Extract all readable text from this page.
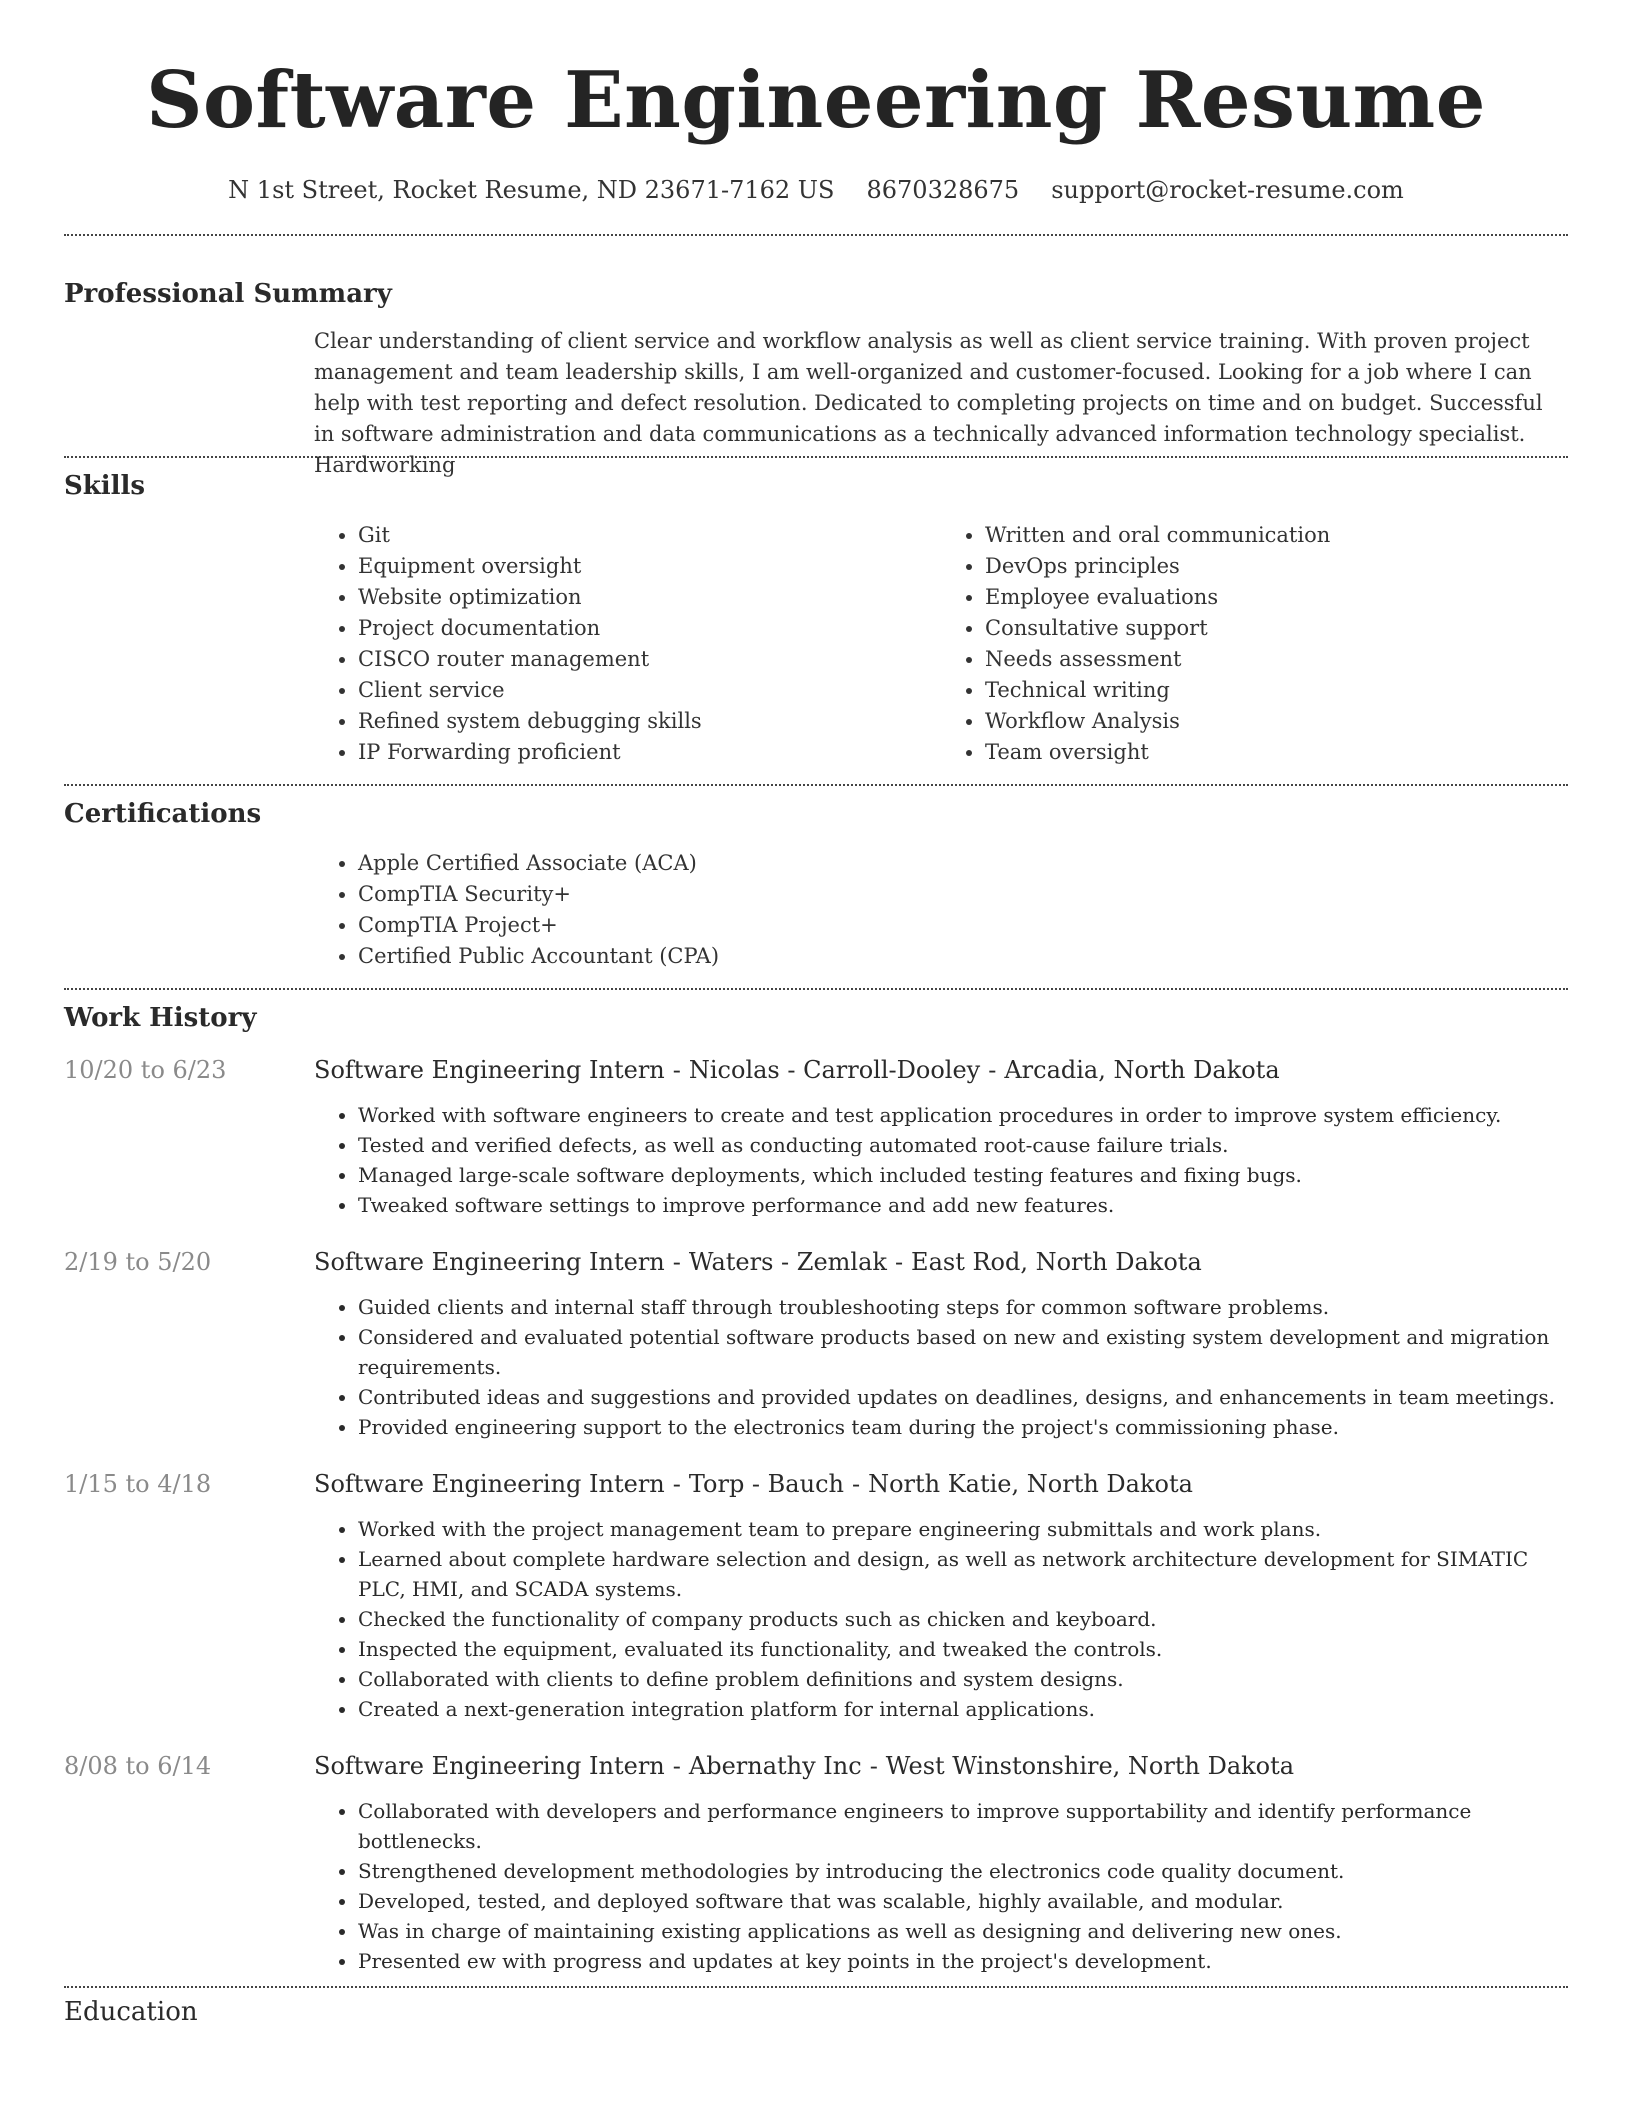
Software Engineering Resume
N 1st Street, Rocket Resume, ND 23671-7162 US 8670328675 support@rocket-resume.com
Professional Summary

Clear understanding of client service and workflow analysis as well as client service training. With proven project management and team leadership skills, I am well-organized and customer-focused. Looking for a job where I can help with test reporting and defect resolution. Dedicated to completing projects on time and on budget. Successful in software administration and data communications as a technically advanced information technology specialist. Hardworking

Skills
• Git
• Equipment oversight
• Website optimization
• Project documentation
• CISCO router management
• Client service
• Refined system debugging skills
• IP Forwarding proficient
• Written and oral communication
• DevOps principles
• Employee evaluations
• Consultative support
• Needs assessment
• Technical writing
• Workflow Analysis
• Team oversight
Certifications
• Apple Certified Associate (ACA)
• CompTIA Security+
• CompTIA Project+
• Certified Public Accountant (CPA)
Work History
10/20 to 6/23	Software Engineering Intern - Nicolas - Carroll-Dooley - Arcadia, North Dakota
• Worked with software engineers to create and test application procedures in order to improve system efficiency.
• Tested and verified defects, as well as conducting automated root-cause failure trials.
• Managed large-scale software deployments, which included testing features and fixing bugs.
• Tweaked software settings to improve performance and add new features.
2/19 to 5/20	Software Engineering Intern - Waters - Zemlak - East Rod, North Dakota
• Guided clients and internal staff through troubleshooting steps for common software problems.
• Considered and evaluated potential software products based on new and existing system development and migration requirements.
• Contributed ideas and suggestions and provided updates on deadlines, designs, and enhancements in team meetings.
• Provided engineering support to the electronics team during the project's commissioning phase.
1/15 to 4/18	Software Engineering Intern - Torp - Bauch - North Katie, North Dakota
• Worked with the project management team to prepare engineering submittals and work plans.
• Learned about complete hardware selection and design, as well as network architecture development for SIMATIC PLC, HMI, and SCADA systems.
• Checked the functionality of company products such as chicken and keyboard.
• Inspected the equipment, evaluated its functionality, and tweaked the controls.
• Collaborated with clients to define problem definitions and system designs.
• Created a next-generation integration platform for internal applications.
8/08 to 6/14	Software Engineering Intern - Abernathy Inc - West Winstonshire, North Dakota
• Collaborated with developers and performance engineers to improve supportability and identify performance bottlenecks.
• Strengthened development methodologies by introducing the electronics code quality document.
• Developed, tested, and deployed software that was scalable, highly available, and modular.
• Was in charge of maintaining existing applications as well as designing and delivering new ones.
• Presented ew with progress and updates at key points in the project's development.
Education
